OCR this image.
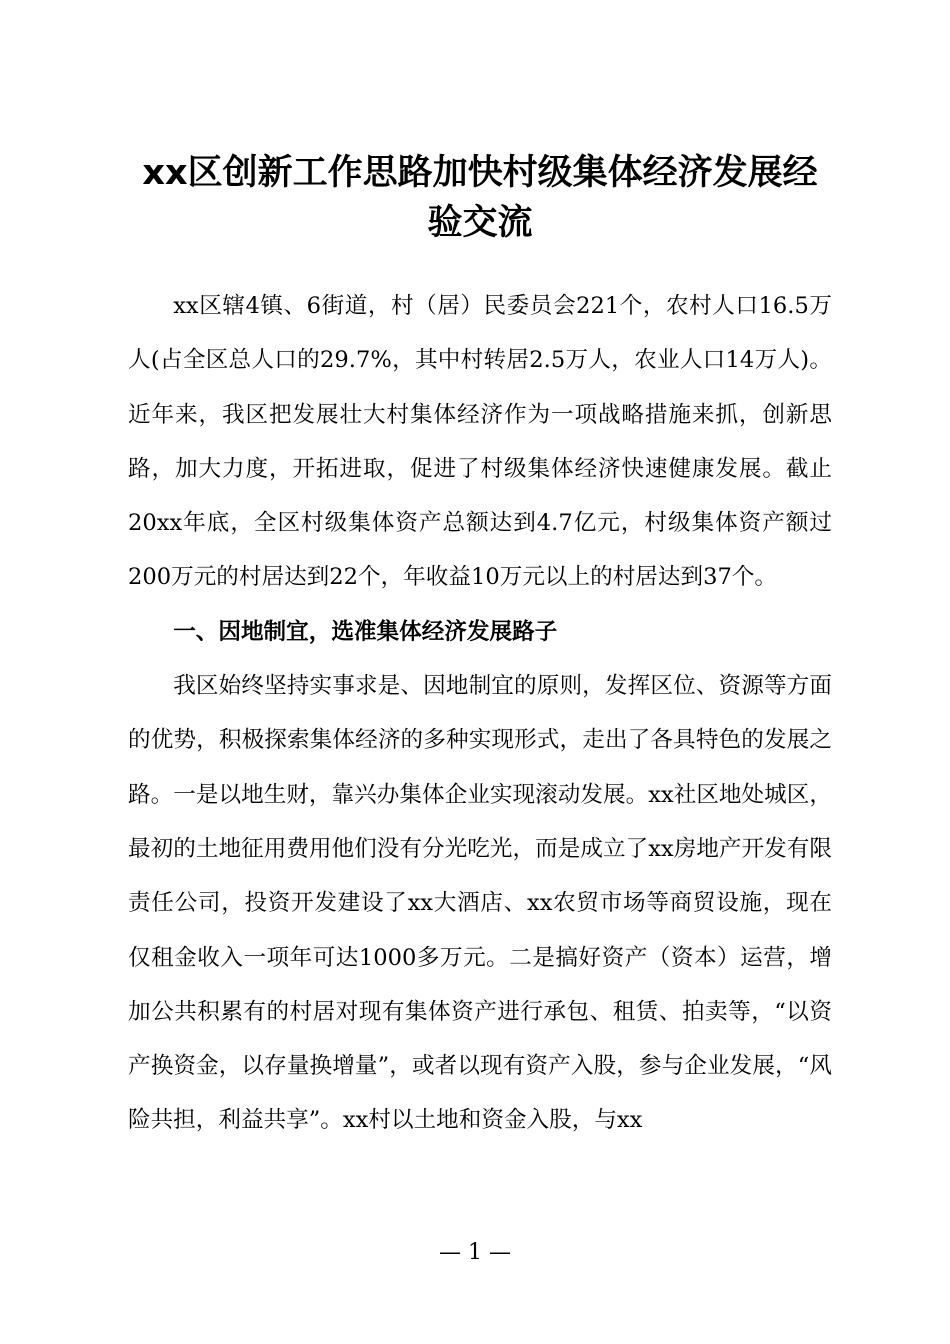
xx区创新工作思路加快村级集体经济发展经验交流

xx区辖4镇、6街道，村（居）民委员会221个，农村人口16.5万人(占全区总人口的29.7%，其中村转居2.5万人，农业人口14万人)。近年来，我区把发展壮大村集体经济作为一项战略措施来抓，创新思路，加大力度，开拓进取，促进了村级集体经济快速健康发展。截止20xx年底，全区村级集体资产总额达到4.7亿元，村级集体资产额过200万元的村居达到22个，年收益10万元以上的村居达到37个。

一、因地制宜，选准集体经济发展路子

我区始终坚持实事求是、因地制宜的原则，发挥区位、资源等方面的优势，积极探索集体经济的多种实现形式，走出了各具特色的发展之路。一是以地生财，靠兴办集体企业实现滚动发展。xx社区地处城区，最初的土地征用费用他们没有分光吃光，而是成立了xx房地产开发有限责任公司，投资开发建设了xx大酒店、xx农贸市场等商贸设施，现在仅租金收入一项年可达1000多万元。二是搞好资产（资本）运营，增加公共积累有的村居对现有集体资产进行承包、租赁、拍卖等，“以资产换资金，以存量换增量”，或者以现有资产入股，参与企业发展，“风险共担，利益共享”。xx村以土地和资金入股，与xx

— 1 —
